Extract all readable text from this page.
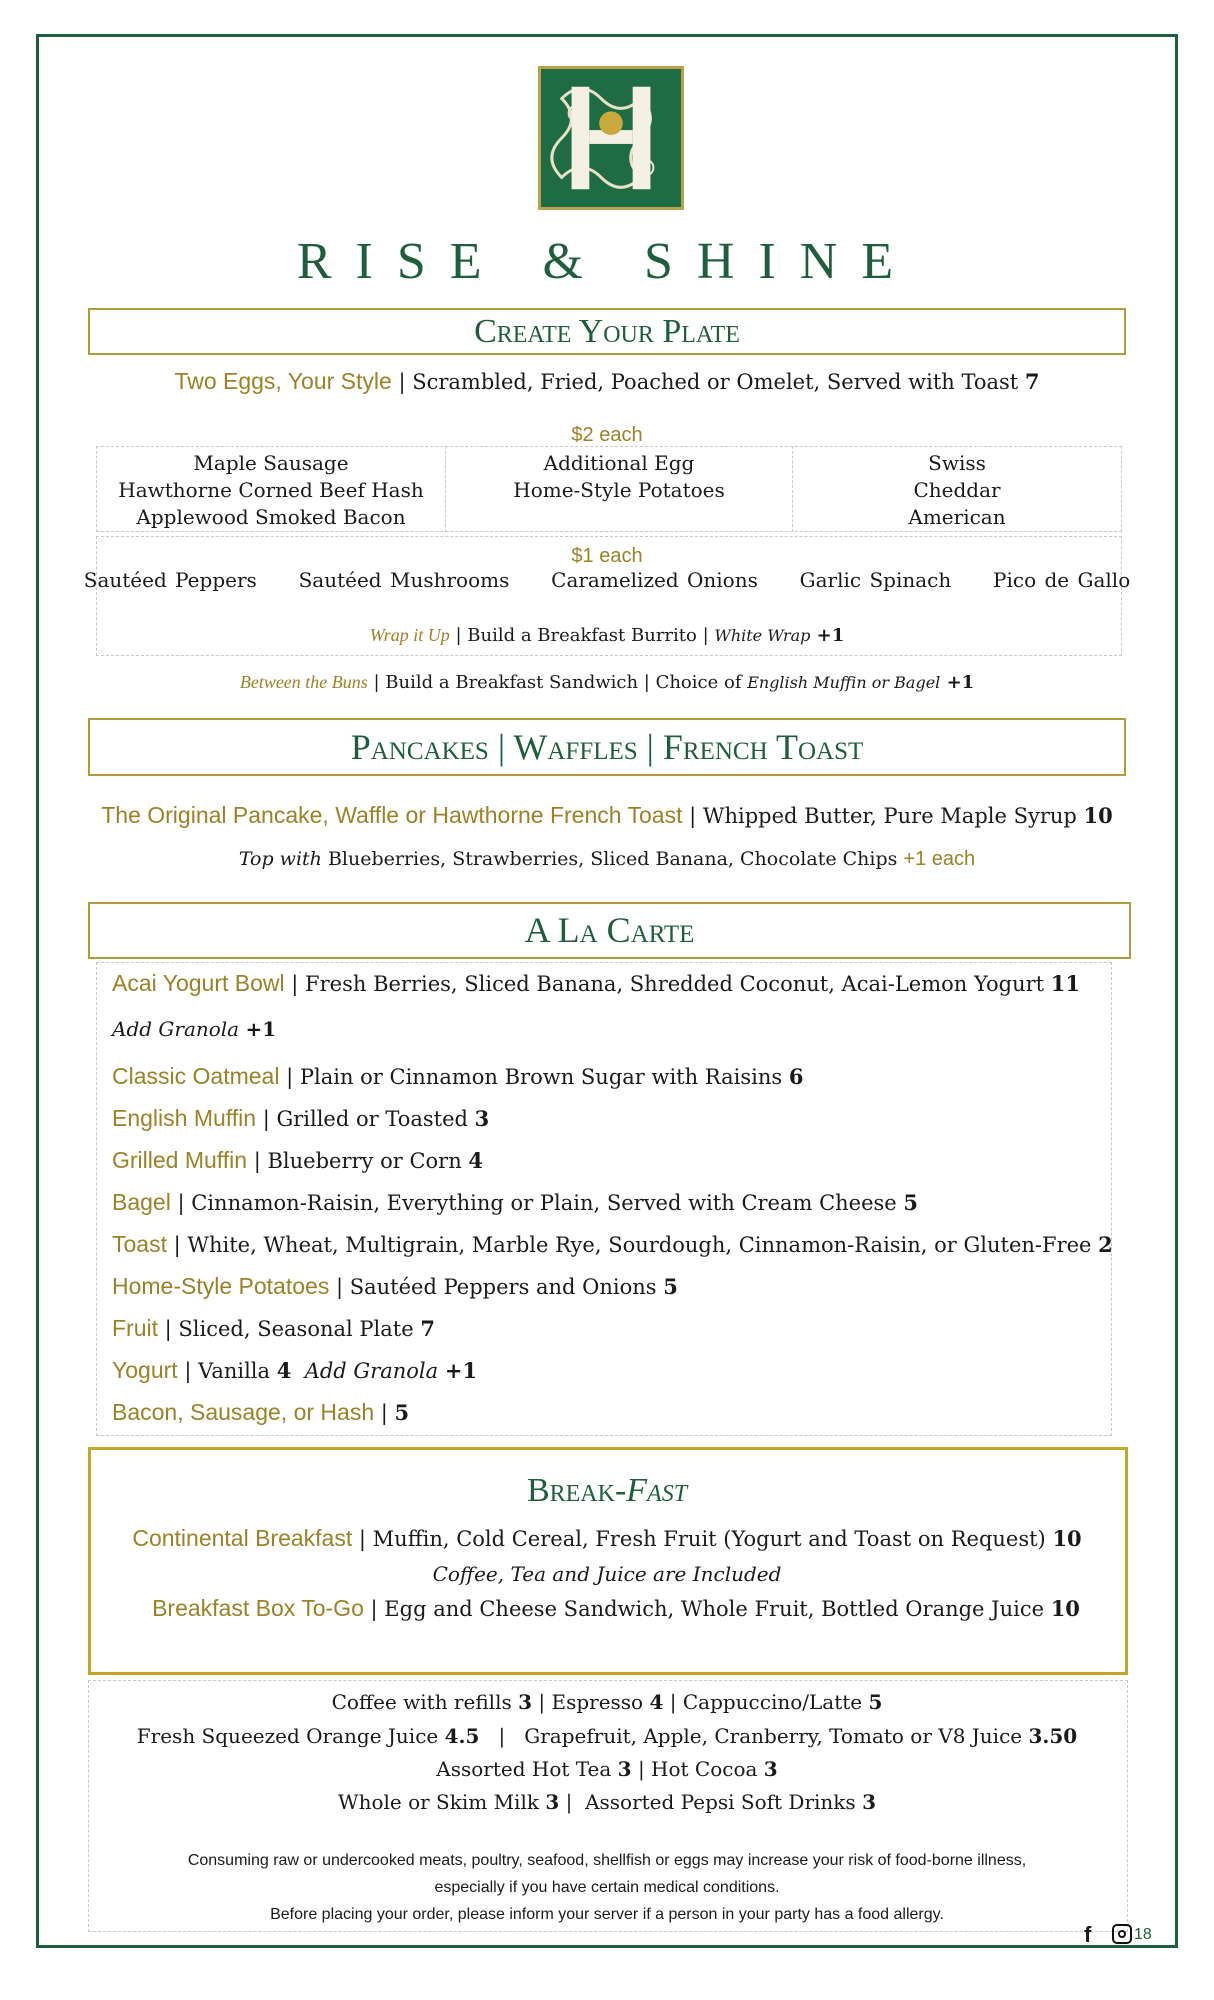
RISE & SHINE
Create Your Plate
Two Eggs, Your Style | Scrambled, Fried, Poached or Omelet, Served with Toast 7
$2 each
Maple Sausage
Hawthorne Corned Beef Hash
Applewood Smoked Bacon
Additional Egg
Home-Style Potatoes
Swiss
Cheddar
American
$1 each
Sautéed Peppers Sautéed Mushrooms Caramelized Onions Garlic Spinach Pico de Gallo
Wrap it Up | Build a Breakfast Burrito | White Wrap +1
Between the Buns | Build a Breakfast Sandwich | Choice of English Muffin or Bagel +1
Pancakes | Waffles | French Toast
The Original Pancake, Waffle or Hawthorne French Toast | Whipped Butter, Pure Maple Syrup 10
Top with Blueberries, Strawberries, Sliced Banana, Chocolate Chips +1 each
A La Carte
Acai Yogurt Bowl | Fresh Berries, Sliced Banana, Shredded Coconut, Acai-Lemon Yogurt 11
Add Granola +1
Classic Oatmeal | Plain or Cinnamon Brown Sugar with Raisins 6
English Muffin | Grilled or Toasted 3
Grilled Muffin | Blueberry or Corn 4
Bagel | Cinnamon-Raisin, Everything or Plain, Served with Cream Cheese 5
Toast | White, Wheat, Multigrain, Marble Rye, Sourdough, Cinnamon-Raisin, or Gluten-Free 2
Home-Style Potatoes | Sautéed Peppers and Onions 5
Fruit | Sliced, Seasonal Plate 7
Yogurt | Vanilla 4 Add Granola +1
Bacon, Sausage, or Hash | 5
Break-Fast
Continental Breakfast | Muffin, Cold Cereal, Fresh Fruit (Yogurt and Toast on Request) 10
Coffee, Tea and Juice are Included
Breakfast Box To-Go | Egg and Cheese Sandwich, Whole Fruit, Bottled Orange Juice 10
Coffee with refills 3 | Espresso 4 | Cappuccino/Latte 5
Fresh Squeezed Orange Juice 4.5   |   Grapefruit, Apple, Cranberry, Tomato or V8 Juice 3.50
Assorted Hot Tea 3 | Hot Cocoa 3
Whole or Skim Milk 3 |  Assorted Pepsi Soft Drinks 3
Consuming raw or undercooked meats, poultry, seafood, shellfish or eggs may increase your risk of food-borne illness,
especially if you have certain medical conditions.
Before placing your order, please inform your server if a person in your party has a food allergy.
f	18
